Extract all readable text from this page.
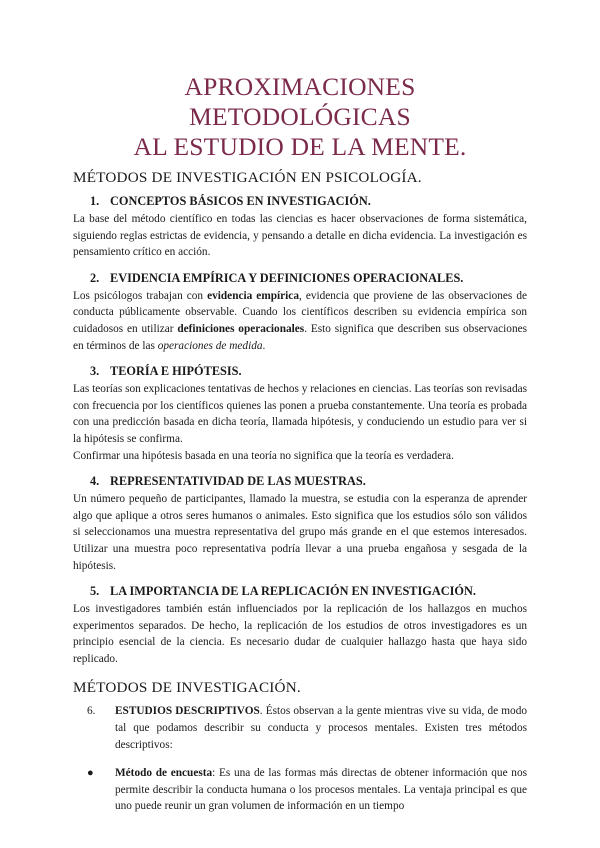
APROXIMACIONES METODOLÓGICAS
AL ESTUDIO DE LA MENTE.
MÉTODOS DE INVESTIGACIÓN EN PSICOLOGÍA.
1. CONCEPTOS BÁSICOS EN INVESTIGACIÓN.

La base del método científico en todas las ciencias es hacer observaciones de forma sistemática, siguiendo reglas estrictas de evidencia, y pensando a detalle en dicha evidencia. La investigación es pensamiento crítico en acción.

2. EVIDENCIA EMPÍRICA Y DEFINICIONES OPERACIONALES.

Los psicólogos trabajan con evidencia empírica, evidencia que proviene de las observaciones de conducta públicamente observable. Cuando los científicos describen su evidencia empírica son cuidadosos en utilizar definiciones operacionales. Esto significa que describen sus observaciones en términos de las operaciones de medida.

3. TEORÍA E HIPÓTESIS.

Las teorías son explicaciones tentativas de hechos y relaciones en ciencias. Las teorías son revisadas con frecuencia por los científicos quienes las ponen a prueba constantemente. Una teoría es probada con una predicción basada en dicha teoría, llamada hipótesis, y conduciendo un estudio para ver si la hipótesis se confirma.

Confirmar una hipótesis basada en una teoría no significa que la teoría es verdadera.

4. REPRESENTATIVIDAD DE LAS MUESTRAS.

Un número pequeño de participantes, llamado la muestra, se estudia con la esperanza de aprender algo que aplique a otros seres humanos o animales. Esto significa que los estudios sólo son válidos si seleccionamos una muestra representativa del grupo más grande en el que estemos interesados. Utilizar una muestra poco representativa podría llevar a una prueba engañosa y sesgada de la hipótesis.

5. LA IMPORTANCIA DE LA REPLICACIÓN EN INVESTIGACIÓN.

Los investigadores también están influenciados por la replicación de los hallazgos en muchos experimentos separados. De hecho, la replicación de los estudios de otros investigadores es un principio esencial de la ciencia. Es necesario dudar de cualquier hallazgo hasta que haya sido replicado.

MÉTODOS DE INVESTIGACIÓN.
6.	ESTUDIOS DESCRIPTIVOS. Éstos observan a la gente mientras vive su vida, de modo tal que podamos describir su conducta y procesos mentales. Existen tres métodos descriptivos:

●	Método de encuesta: Es una de las formas más directas de obtener información que nos permite describir la conducta humana o los procesos mentales. La ventaja principal es que uno puede reunir un gran volumen de información en un tiempo
